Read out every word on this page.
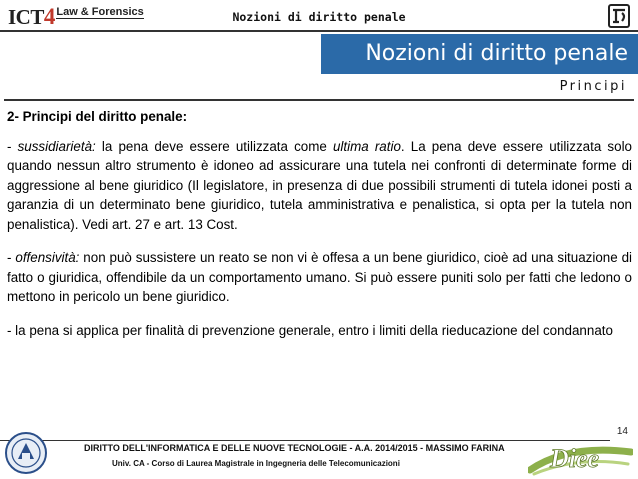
ICT 4 Law & Forensics	Nozioni di diritto penale
Nozioni di diritto penale
Principi
2- Principi del diritto penale:

- sussidiarietà: la pena deve essere utilizzata come ultima ratio. La pena deve essere utilizzata solo quando nessun altro strumento è idoneo ad assicurare una tutela nei confronti di determinate forme di aggressione al bene giuridico (Il legislatore, in presenza di due possibili strumenti di tutela idonei posti a garanzia di un determinato bene giuridico, tutela amministrativa e penalistica, si opta per la tutela non penalistica). Vedi art. 27 e art. 13 Cost.

- offensività: non può sussistere un reato se non vi è offesa a un bene giuridico, cioè ad una situazione di fatto o giuridica, offendibile da un comportamento umano. Si può essere puniti solo per fatti che ledono o mettono in pericolo un bene giuridico.

- la pena si applica per finalità di prevenzione generale, entro i limiti della rieducazione del condannato

14
DIRITTO DELL'INFORMATICA E DELLE NUOVE TECNOLOGIE - A.A. 2014/2015 - MASSIMO FARINA
Univ. CA - Corso di Laurea Magistrale in Ingegneria delle Telecomunicazioni	Diee
